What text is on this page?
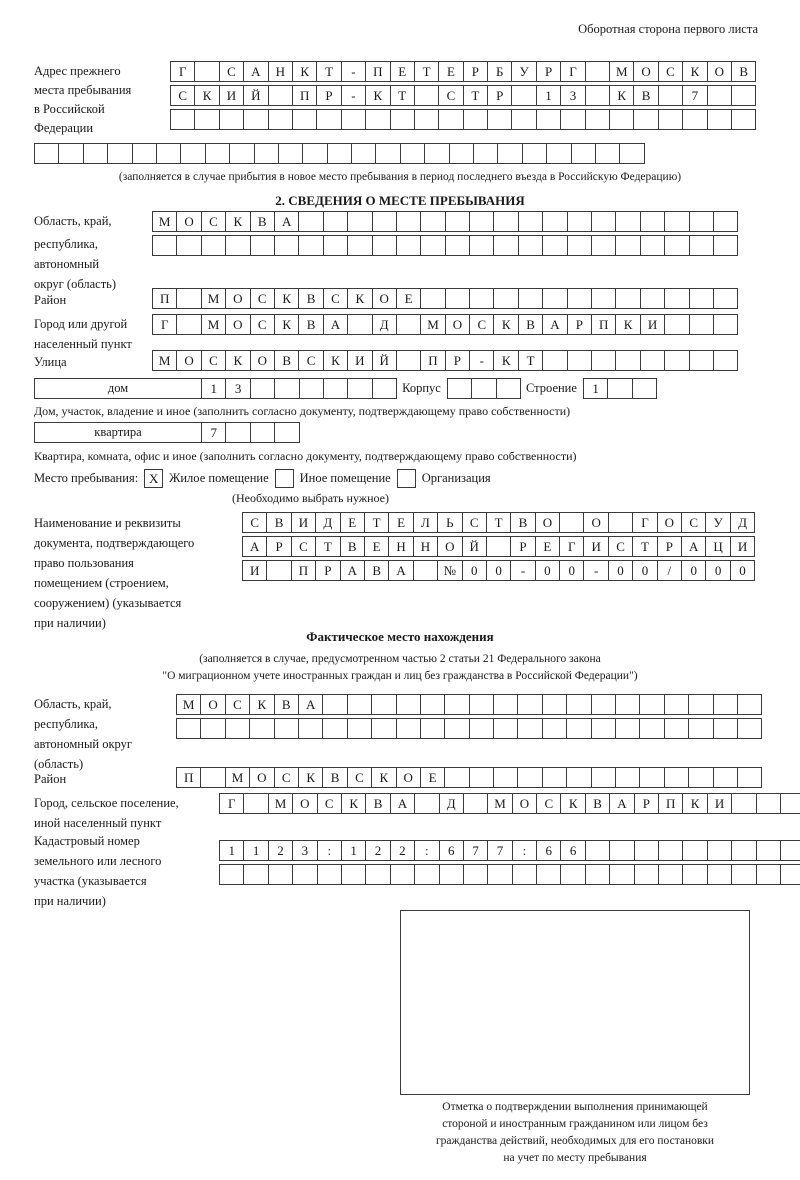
Оборотная сторона первого листа
Адрес прежнего
места пребывания
в Российской
Федерации
Г	С	А	Н	К	Т	-	П	Е	Т	Е	Р	Б	У	Р	Г	М	О	С	К	О	В
С	К	И	Й	П	Р	-	К	Т	С	Т	Р	1	3	К	В	7
(заполняется в случае прибытия в новое место пребывания в период последнего въезда в Российскую Федерацию)
2. СВЕДЕНИЯ О МЕСТЕ ПРЕБЫВАНИЯ
Область, край,
республика,
автономный
округ (область)
М	О	С	К	В	А
Район	П	М	О	С	К	В	С	К	О	Е
Город или другой
населенный пункт
Г	М	О	С	К	В	А	Д	М	О	С	К	В	А	Р	П	К	И
Улица	М	О	С	К	О	В	С	К	И	Й	П	Р	-	К	Т
дом	1	3	Корпус	Строение	1
Дом, участок, владение и иное (заполнить согласно документу, подтверждающему право собственности)
квартира	7
Квартира, комната, офис и иное (заполнить согласно документу, подтверждающему право собственности)
Место пребывания: X Жилое помещение	Иное помещение	Организация
(Необходимо выбрать нужное)
Наименование и реквизиты
документа, подтверждающего
право пользования
помещением (строением,
сооружением) (указывается
при наличии)
С	В	И	Д	Е	Т	Е	Л	Ь	С	Т	В	О	О	Г	О	С	У	Д
А	Р	С	Т	В	Е	Н	Н	О	Й	Р	Е	Г	И	С	Т	Р	А	Ц	И
И	П	Р	А	В	А	№	0	0	-	0	0	-	0	0	/	0	0	0
Фактическое место нахождения
(заполняется в случае, предусмотренном частью 2 статьи 21 Федерального закона
"О миграционном учете иностранных граждан и лиц без гражданства в Российской Федерации")
Область, край,
республика,
автономный округ
(область)
М	О	С	К	В	А
Район	П	М	О	С	К	В	С	К	О	Е
Город, сельское поселение,
иной населенный пункт
Г	М	О	С	К	В	А	Д	М	О	С	К	В	А	Р	П	К	И
Кадастровый номер
земельного или лесного
участка (указывается
при наличии)
1	1	2	3	:	1	2	2	:	6	7	7	:	6	6
Отметка о подтверждении выполнения принимающей
стороной и иностранным гражданином или лицом без
гражданства действий, необходимых для его постановки
на учет по месту пребывания
